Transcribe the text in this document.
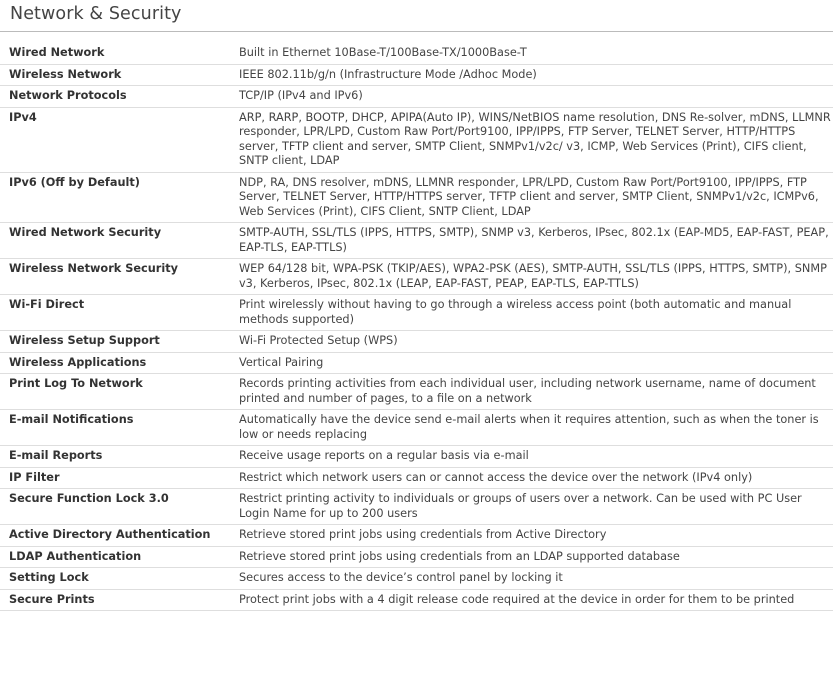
Network & Security
Wired Network	Built in Ethernet 10Base-T/100Base-TX/1000Base-T
Wireless Network	IEEE 802.11b/g/n (Infrastructure Mode /Adhoc Mode)
Network Protocols	TCP/IP (IPv4 and IPv6)
IPv4	ARP, RARP, BOOTP, DHCP, APIPA(Auto IP), WINS/NetBIOS name resolution, DNS Re-solver, mDNS, LLMNR responder, LPR/LPD, Custom Raw Port/Port9100, IPP/IPPS, FTP Server, TELNET Server, HTTP/HTTPS server, TFTP client and server, SMTP Client, SNMPv1/v2c/ v3, ICMP, Web Services (Print), CIFS client, SNTP client, LDAP
IPv6 (Off by Default)	NDP, RA, DNS resolver, mDNS, LLMNR responder, LPR/LPD, Custom Raw Port/Port9100, IPP/IPPS, FTP Server, TELNET Server, HTTP/HTTPS server, TFTP client and server, SMTP Client, SNMPv1/v2c, ICMPv6, Web Services (Print), CIFS Client, SNTP Client, LDAP
Wired Network Security	SMTP-AUTH, SSL/TLS (IPPS, HTTPS, SMTP), SNMP v3, Kerberos, IPsec, 802.1x (EAP-MD5, EAP-FAST, PEAP, EAP-TLS, EAP-TTLS)
Wireless Network Security	WEP 64/128 bit, WPA-PSK (TKIP/AES), WPA2-PSK (AES), SMTP-AUTH, SSL/TLS (IPPS, HTTPS, SMTP), SNMP v3, Kerberos, IPsec, 802.1x (LEAP, EAP-FAST, PEAP, EAP-TLS, EAP-TTLS)
Wi-Fi Direct	Print wirelessly without having to go through a wireless access point (both automatic and manual methods supported)
Wireless Setup Support	Wi-Fi Protected Setup (WPS)
Wireless Applications	Vertical Pairing
Print Log To Network	Records printing activities from each individual user, including network username, name of document printed and number of pages, to a file on a network
E-mail Notifications	Automatically have the device send e-mail alerts when it requires attention, such as when the toner is low or needs replacing
E-mail Reports	Receive usage reports on a regular basis via e-mail
IP Filter	Restrict which network users can or cannot access the device over the network (IPv4 only)
Secure Function Lock 3.0	Restrict printing activity to individuals or groups of users over a network. Can be used with PC User Login Name for up to 200 users
Active Directory Authentication	Retrieve stored print jobs using credentials from Active Directory
LDAP Authentication	Retrieve stored print jobs using credentials from an LDAP supported database
Setting Lock	Secures access to the device’s control panel by locking it
Secure Prints	Protect print jobs with a 4 digit release code required at the device in order for them to be printed
